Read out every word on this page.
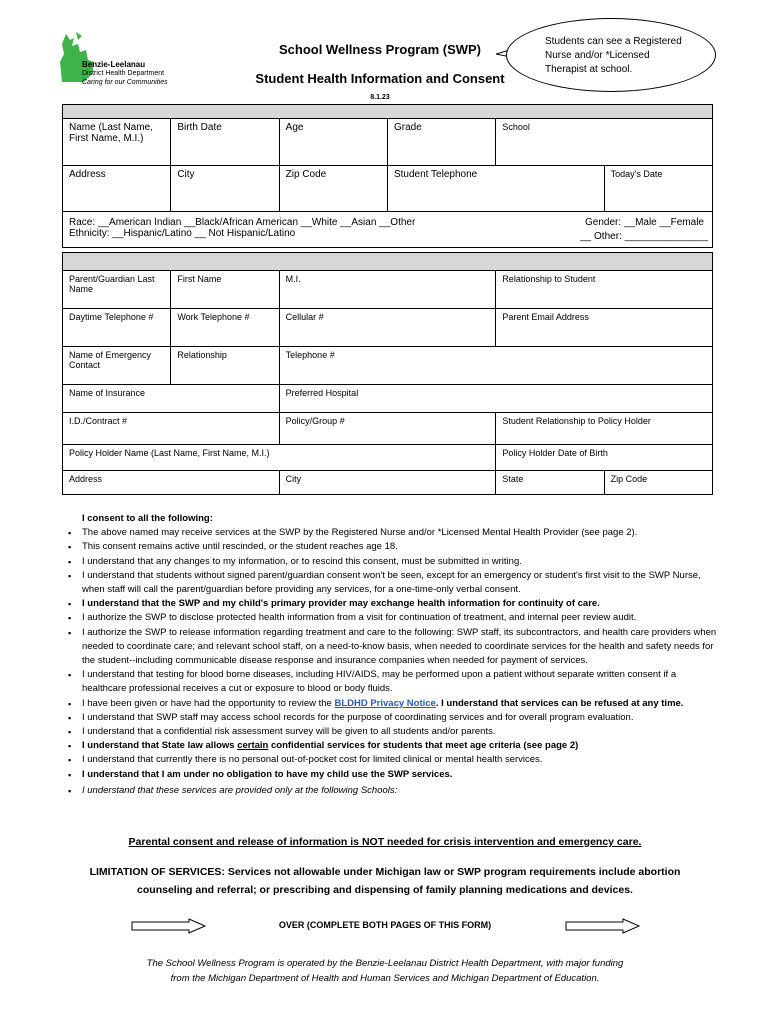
Benzie-Leelanau
District Health Department
Caring for our Communities
School Wellness Program (SWP)
Student Health Information and Consent
8.1.23
Students can see a Registered
Nurse and/or *Licensed
Therapist at school.

Name (Last Name, First Name, M.I.)	Birth Date	Age	Grade	School	
Address	City	Zip Code	Student Telephone		Today's Date

Race: __American Indian __Black/African American __White __Asian __Other
Ethnicity: __Hispanic/Latino __ Not Hispanic/Latino
Gender: __Male __Female
__ Other: _______________					

Parent/Guardian Last Name	First Name	M.I.	Relationship to Student	
Daytime Telephone #	Work Telephone #	Cellular #	Parent Email Address	
Name of Emergency Contact	Relationship	Telephone #		
Name of Insurance		Preferred Hospital		
I.D./Contract #		Policy/Group #	Student Relationship to Policy Holder	
Policy Holder Name (Last Name, First Name, M.I.)			Policy Holder Date of Birth	
Address		City	State	Zip Code
I consent to all the following:
▪ The above named may receive services at the SWP by the Registered Nurse and/or *Licensed Mental Health Provider (see page 2).
▪ This consent remains active until rescinded, or the student reaches age 18.
▪ I understand that any changes to my information, or to rescind this consent, must be submitted in writing.
▪ I understand that students without signed parent/guardian consent won't be seen, except for an emergency or student's first visit to the SWP Nurse, when staff will call the parent/guardian before providing any services, for a one-time-only verbal consent.
▪ I understand that the SWP and my child's primary provider may exchange health information for continuity of care.
▪ I authorize the SWP to disclose protected health information from a visit for continuation of treatment, and internal peer review audit.
▪ I authorize the SWP to release information regarding treatment and care to the following: SWP staff, its subcontractors, and health care providers when needed to coordinate care; and relevant school staff, on a need-to-know basis, when needed to coordinate services for the health and safety needs for the student--including communicable disease response and insurance companies when needed for payment of services.
▪ I understand that testing for blood borne diseases, including HIV/AIDS, may be performed upon a patient without separate written consent if a healthcare professional receives a cut or exposure to blood or body fluids.
▪ I have been given or have had the opportunity to review the BLDHD Privacy Notice. I understand that services can be refused at any time.
▪ I understand that SWP staff may access school records for the purpose of coordinating services and for overall program evaluation.
▪ I understand that a confidential risk assessment survey will be given to all students and/or parents.
▪ I understand that State law allows certain confidential services for students that meet age criteria (see page 2)
▪ I understand that currently there is no personal out-of-pocket cost for limited clinical or mental health services.
▪ I understand that I am under no obligation to have my child use the SWP services.
▪ I understand that these services are provided only at the following Schools:
Parental consent and release of information is NOT needed for crisis intervention and emergency care.
LIMITATION OF SERVICES: Services not allowable under Michigan law or SWP program requirements include abortion
counseling and referral; or prescribing and dispensing of family planning medications and devices.
OVER (COMPLETE BOTH PAGES OF THIS FORM)
The School Wellness Program is operated by the Benzie-Leelanau District Health Department, with major funding
from the Michigan Department of Health and Human Services and Michigan Department of Education.
